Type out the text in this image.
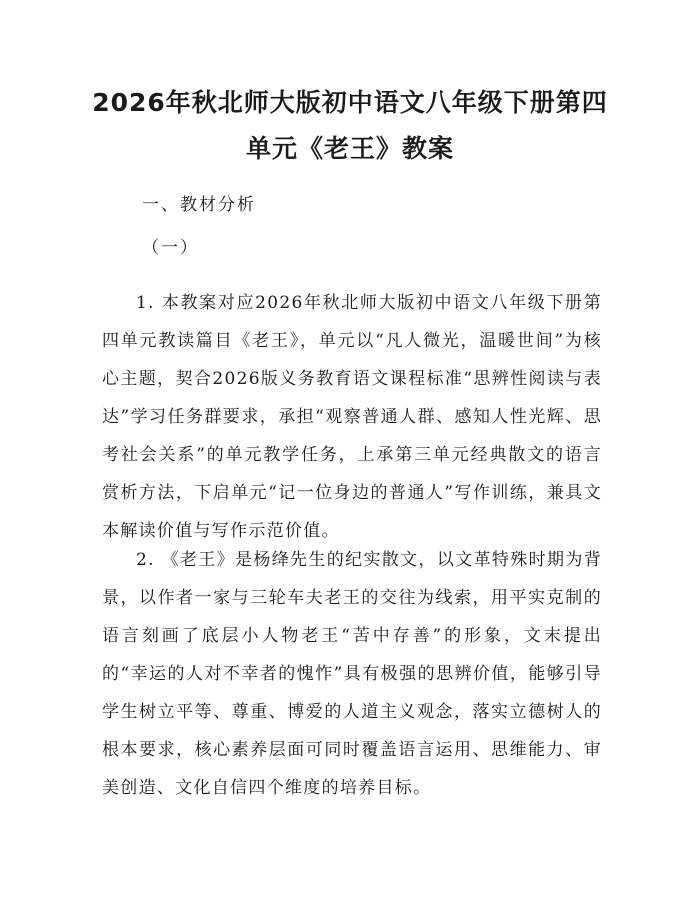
2026年秋北师大版初中语文八年级下册第四
单元《老王》教案

一、教材分析

（一）

1. 本教案对应2026年秋北师大版初中语文八年级下册第四单元教读篇目《老王》，单元以“凡人微光，温暖世间”为核心主题，契合2026版义务教育语文课程标准“思辨性阅读与表达”学习任务群要求，承担“观察普通人群、感知人性光辉、思考社会关系”的单元教学任务，上承第三单元经典散文的语言赏析方法，下启单元“记一位身边的普通人”写作训练，兼具文本解读价值与写作示范价值。

2. 《老王》是杨绛先生的纪实散文，以文革特殊时期为背景，以作者一家与三轮车夫老王的交往为线索，用平实克制的语言刻画了底层小人物老王“苦中存善”的形象，文末提出的“幸运的人对不幸者的愧怍”具有极强的思辨价值，能够引导学生树立平等、尊重、博爱的人道主义观念，落实立德树人的根本要求，核心素养层面可同时覆盖语言运用、思维能力、审美创造、文化自信四个维度的培养目标。
